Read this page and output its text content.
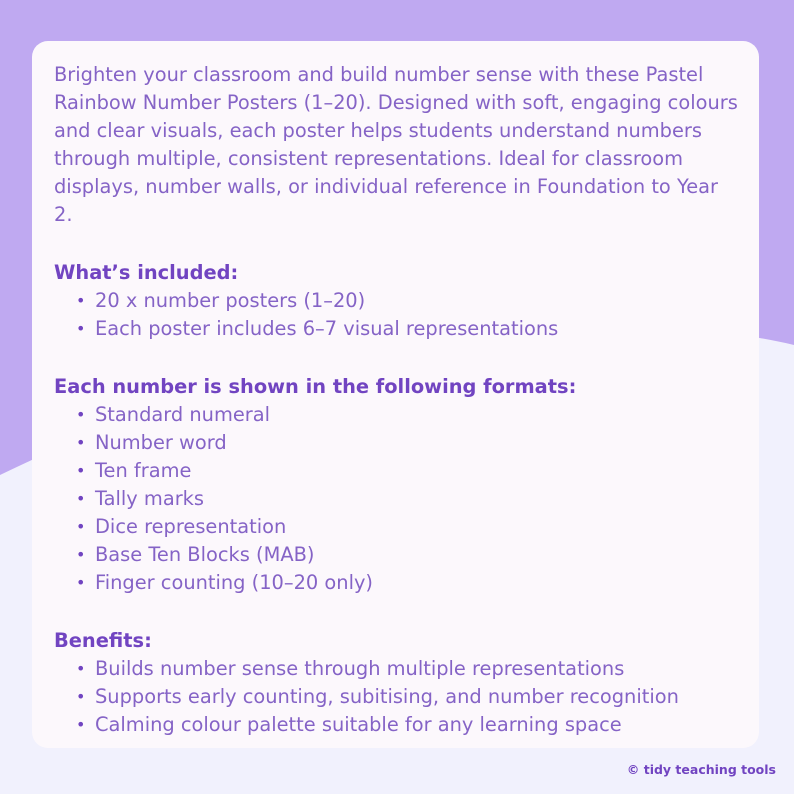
Brighten your classroom and build number sense with these Pastel Rainbow Number Posters (1–20). Designed with soft, engaging colours and clear visuals, each poster helps students understand numbers through multiple, consistent representations. Ideal for classroom displays, number walls, or individual reference in Foundation to Year 2.

What’s included:
• 20 x number posters (1–20)
• Each poster includes 6–7 visual representations
Each number is shown in the following formats:
• Standard numeral
• Number word
• Ten frame
• Tally marks
• Dice representation
• Base Ten Blocks (MAB)
• Finger counting (10–20 only)
Benefits:
• Builds number sense through multiple representations
• Supports early counting, subitising, and number recognition
• Calming colour palette suitable for any learning space
© tidy teaching tools
